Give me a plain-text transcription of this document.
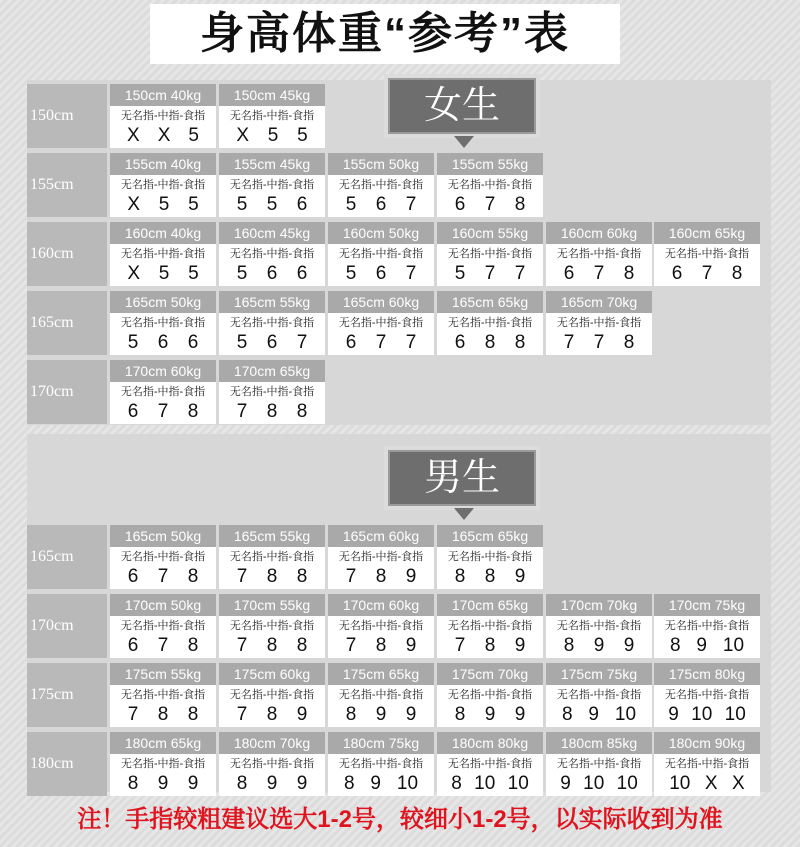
身高体重“参考”表
女生
男生
150cm
150cm 40kg
无名指-中指-食指
X X 5
150cm 45kg
无名指-中指-食指
X 5 5
155cm
155cm 40kg
无名指-中指-食指
X 5 5
155cm 45kg
无名指-中指-食指
5 5 6
155cm 50kg
无名指-中指-食指
5 6 7
155cm 55kg
无名指-中指-食指
6 7 8
160cm
160cm 40kg
无名指-中指-食指
X 5 5
160cm 45kg
无名指-中指-食指
5 6 6
160cm 50kg
无名指-中指-食指
5 6 7
160cm 55kg
无名指-中指-食指
5 7 7
160cm 60kg
无名指-中指-食指
6 7 8
160cm 65kg
无名指-中指-食指
6 7 8
165cm
165cm 50kg
无名指-中指-食指
5 6 6
165cm 55kg
无名指-中指-食指
5 6 7
165cm 60kg
无名指-中指-食指
6 7 7
165cm 65kg
无名指-中指-食指
6 8 8
165cm 70kg
无名指-中指-食指
7 7 8
170cm
170cm 60kg
无名指-中指-食指
6 7 8
170cm 65kg
无名指-中指-食指
7 8 8
165cm
165cm 50kg
无名指-中指-食指
6 7 8
165cm 55kg
无名指-中指-食指
7 8 8
165cm 60kg
无名指-中指-食指
7 8 9
165cm 65kg
无名指-中指-食指
8 8 9
170cm
170cm 50kg
无名指-中指-食指
6 7 8
170cm 55kg
无名指-中指-食指
7 8 8
170cm 60kg
无名指-中指-食指
7 8 9
170cm 65kg
无名指-中指-食指
7 8 9
170cm 70kg
无名指-中指-食指
8 9 9
170cm 75kg
无名指-中指-食指
8 9 10
175cm
175cm 55kg
无名指-中指-食指
7 8 8
175cm 60kg
无名指-中指-食指
7 8 9
175cm 65kg
无名指-中指-食指
8 9 9
175cm 70kg
无名指-中指-食指
8 9 9
175cm 75kg
无名指-中指-食指
8 9 10
175cm 80kg
无名指-中指-食指
9 10 10
180cm
180cm 65kg
无名指-中指-食指
8 9 9
180cm 70kg
无名指-中指-食指
8 9 9
180cm 75kg
无名指-中指-食指
8 9 10
180cm 80kg
无名指-中指-食指
8 10 10
180cm 85kg
无名指-中指-食指
9 10 10
180cm 90kg
无名指-中指-食指
10 X X
注！手指较粗建议选大1-2号，较细小1-2号，以实际收到为准
